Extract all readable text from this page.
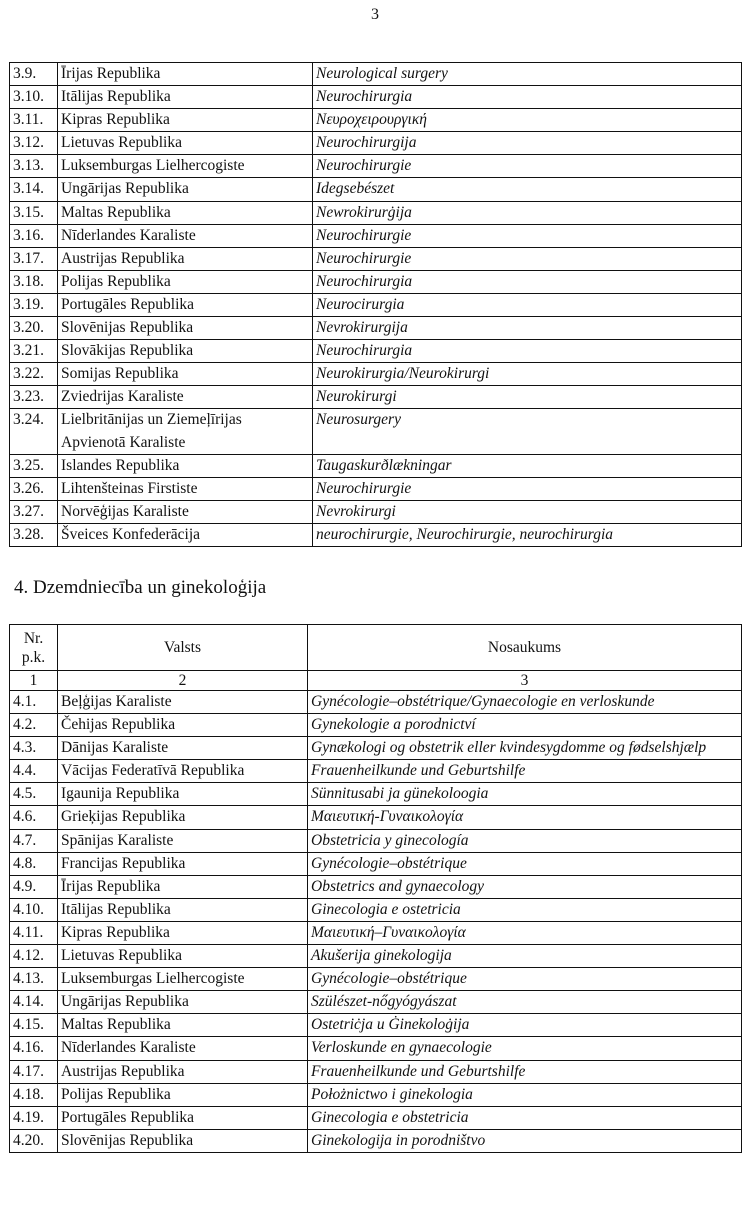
3
3.9.	Īrijas Republika	Neurological surgery
3.10.	Itālijas Republika	Neurochirurgia
3.11.	Kipras Republika	Νευροχειρουργική
3.12.	Lietuvas Republika	Neurochirurgija
3.13.	Luksemburgas Lielhercogiste	Neurochirurgie
3.14.	Ungārijas Republika	Idegsebészet
3.15.	Maltas Republika	Newrokirurġija
3.16.	Nīderlandes Karaliste	Neurochirurgie
3.17.	Austrijas Republika	Neurochirurgie
3.18.	Polijas Republika	Neurochirurgia
3.19.	Portugāles Republika	Neurocirurgia
3.20.	Slovēnijas Republika	Nevrokirurgija
3.21.	Slovākijas Republika	Neurochirurgia
3.22.	Somijas Republika	Neurokirurgia/Neurokirurgi
3.23.	Zviedrijas Karaliste	Neurokirurgi
3.24.	Lielbritānijas un Ziemeļīrijas Apvienotā Karaliste	Neurosurgery
3.25.	Islandes Republika	Taugaskurðlækningar
3.26.	Lihtenšteinas Firstiste	Neurochirurgie
3.27.	Norvēģijas Karaliste	Nevrokirurgi
3.28.	Šveices Konfederācija	neurochirurgie, Neurochirurgie, neurochirurgia
4. Dzemdniecība un ginekoloģija
Nr. p.k.	Valsts	Nosaukums
1	2	3
4.1.	Beļģijas Karaliste	Gynécologie–obstétrique/Gynaecologie en verloskunde
4.2.	Čehijas Republika	Gynekologie a porodnictví
4.3.	Dānijas Karaliste	Gynækologi og obstetrik eller kvindesygdomme og fødselshjælp
4.4.	Vācijas Federatīvā Republika	Frauenheilkunde und Geburtshilfe
4.5.	Igaunija Republika	Sünnitusabi ja günekoloogia
4.6.	Grieķijas Republika	Μαιευτική-Γυναικολογία
4.7.	Spānijas Karaliste	Obstetricia y ginecología
4.8.	Francijas Republika	Gynécologie–obstétrique
4.9.	Īrijas Republika	Obstetrics and gynaecology
4.10.	Itālijas Republika	Ginecologia e ostetricia
4.11.	Kipras Republika	Μαιευτική–Γυναικολογία
4.12.	Lietuvas Republika	Akušerija ginekologija
4.13.	Luksemburgas Lielhercogiste	Gynécologie–obstétrique
4.14.	Ungārijas Republika	Szülészet-nőgyógyászat
4.15.	Maltas Republika	Ostetriċja u Ġinekoloġija
4.16.	Nīderlandes Karaliste	Verloskunde en gynaecologie
4.17.	Austrijas Republika	Frauenheilkunde und Geburtshilfe
4.18.	Polijas Republika	Położnictwo i ginekologia
4.19.	Portugāles Republika	Ginecologia e obstetricia
4.20.	Slovēnijas Republika	Ginekologija in porodništvo
